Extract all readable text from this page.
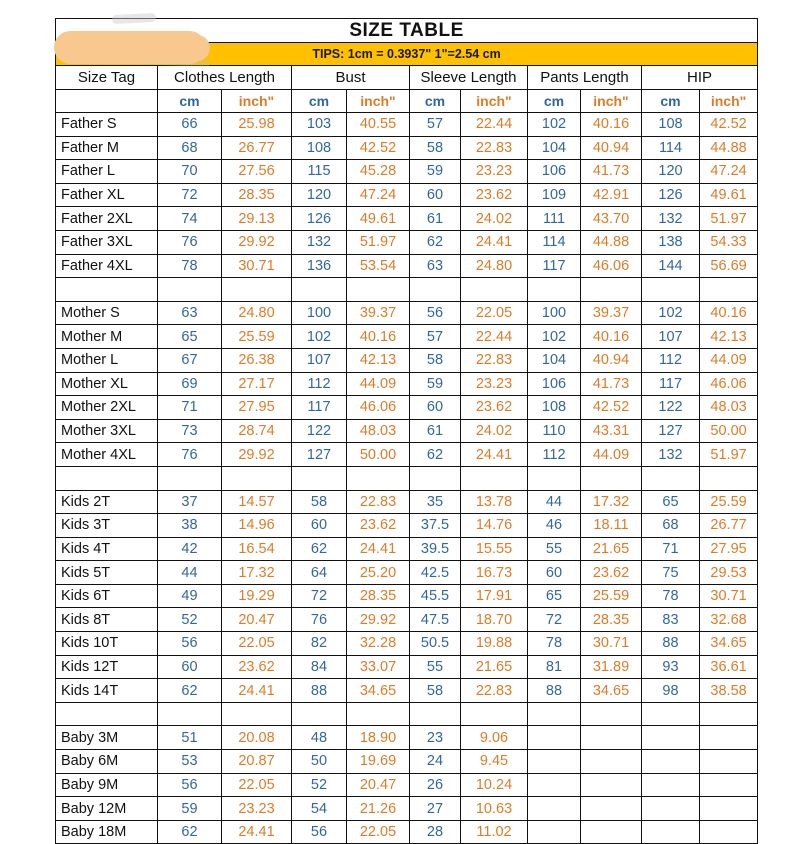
SIZE TABLE										
TIPS: 1cm = 0.3937" 1"=2.54 cm										
Size Tag	Clothes Length		Bust		Sleeve Length		Pants Length		HIP	
	cm	inch"	cm	inch"	cm	inch"	cm	inch"	cm	inch"
Father S	66	25.98	103	40.55	57	22.44	102	40.16	108	42.52
Father M	68	26.77	108	42.52	58	22.83	104	40.94	114	44.88
Father L	70	27.56	115	45.28	59	23.23	106	41.73	120	47.24
Father XL	72	28.35	120	47.24	60	23.62	109	42.91	126	49.61
Father 2XL	74	29.13	126	49.61	61	24.02	111	43.70	132	51.97
Father 3XL	76	29.92	132	51.97	62	24.41	114	44.88	138	54.33
Father 4XL	78	30.71	136	53.54	63	24.80	117	46.06	144	56.69

Mother S	63	24.80	100	39.37	56	22.05	100	39.37	102	40.16
Mother M	65	25.59	102	40.16	57	22.44	102	40.16	107	42.13
Mother L	67	26.38	107	42.13	58	22.83	104	40.94	112	44.09
Mother XL	69	27.17	112	44.09	59	23.23	106	41.73	117	46.06
Mother 2XL	71	27.95	117	46.06	60	23.62	108	42.52	122	48.03
Mother 3XL	73	28.74	122	48.03	61	24.02	110	43.31	127	50.00
Mother 4XL	76	29.92	127	50.00	62	24.41	112	44.09	132	51.97

Kids 2T	37	14.57	58	22.83	35	13.78	44	17.32	65	25.59
Kids 3T	38	14.96	60	23.62	37.5	14.76	46	18.11	68	26.77
Kids 4T	42	16.54	62	24.41	39.5	15.55	55	21.65	71	27.95
Kids 5T	44	17.32	64	25.20	42.5	16.73	60	23.62	75	29.53
Kids 6T	49	19.29	72	28.35	45.5	17.91	65	25.59	78	30.71
Kids 8T	52	20.47	76	29.92	47.5	18.70	72	28.35	83	32.68
Kids 10T	56	22.05	82	32.28	50.5	19.88	78	30.71	88	34.65
Kids 12T	60	23.62	84	33.07	55	21.65	81	31.89	93	36.61
Kids 14T	62	24.41	88	34.65	58	22.83	88	34.65	98	38.58

Baby 3M	51	20.08	48	18.90	23	9.06				
Baby 6M	53	20.87	50	19.69	24	9.45				
Baby 9M	56	22.05	52	20.47	26	10.24				
Baby 12M	59	23.23	54	21.26	27	10.63				
Baby 18M	62	24.41	56	22.05	28	11.02				
